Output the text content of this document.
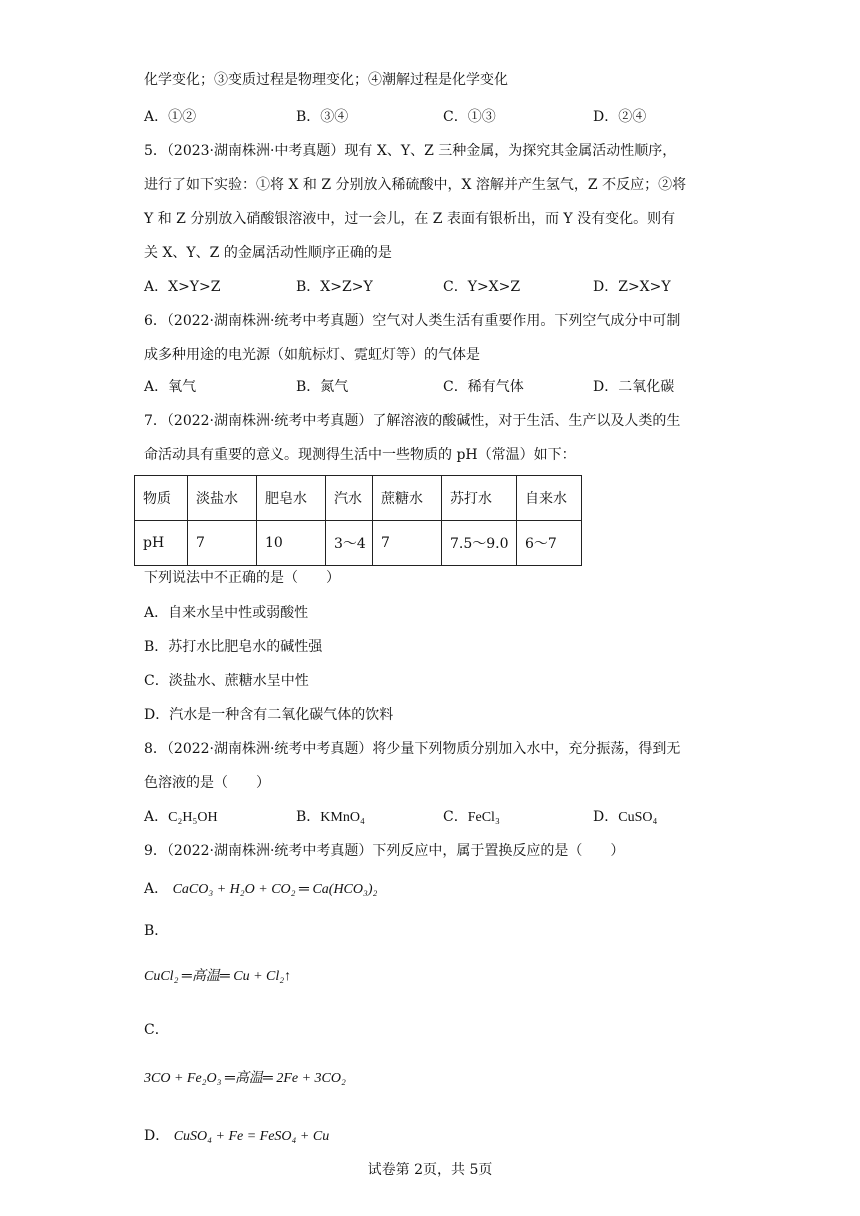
化学变化；③变质过程是物理变化；④潮解过程是化学变化
A．①②	B．③④	C．①③	D．②④
5．（2023·湖南株洲·中考真题）现有 X、Y、Z 三种金属，为探究其金属活动性顺序，
进行了如下实验：①将 X 和 Z 分别放入稀硫酸中，X 溶解并产生氢气，Z 不反应；②将
Y 和 Z 分别放入硝酸银溶液中，过一会儿，在 Z 表面有银析出，而 Y 没有变化。则有
关 X、Y、Z 的金属活动性顺序正确的是
A．X>Y>Z	B．X>Z>Y	C．Y>X>Z	D．Z>X>Y
6．（2022·湖南株洲·统考中考真题）空气对人类生活有重要作用。下列空气成分中可制
成多种用途的电光源（如航标灯、霓虹灯等）的气体是
A．氧气	B．氮气	C．稀有气体	D．二氧化碳
7．（2022·湖南株洲·统考中考真题）了解溶液的酸碱性，对于生活、生产以及人类的生
命活动具有重要的意义。现测得生活中一些物质的 pH（常温）如下：
物质	淡盐水	肥皂水	汽水	蔗糖水	苏打水	自来水
pH	7	10	3～4	7	7.5～9.0	6～7
下列说法中不正确的是（　　）
A．自来水呈中性或弱酸性
B．苏打水比肥皂水的碱性强
C．淡盐水、蔗糖水呈中性
D．汽水是一种含有二氧化碳气体的饮料
8．（2022·湖南株洲·统考中考真题）将少量下列物质分别加入水中，充分振荡，得到无
色溶液的是（　　）
A．C₂H₅OH	B．KMnO₄	C．FeCl₃	D．CuSO₄
9．（2022·湖南株洲·统考中考真题）下列反应中，属于置换反应的是（　　）
A． CaCO₃ + H₂O + CO₂ ═ Ca(HCO₃)₂
B．
CuCl₂ ═高温═ Cu + Cl₂↑
C．
3CO + Fe₂O₃ ═高温═ 2Fe + 3CO₂
D． CuSO₄ + Fe = FeSO₄ + Cu
试卷第 2页，共 5页
